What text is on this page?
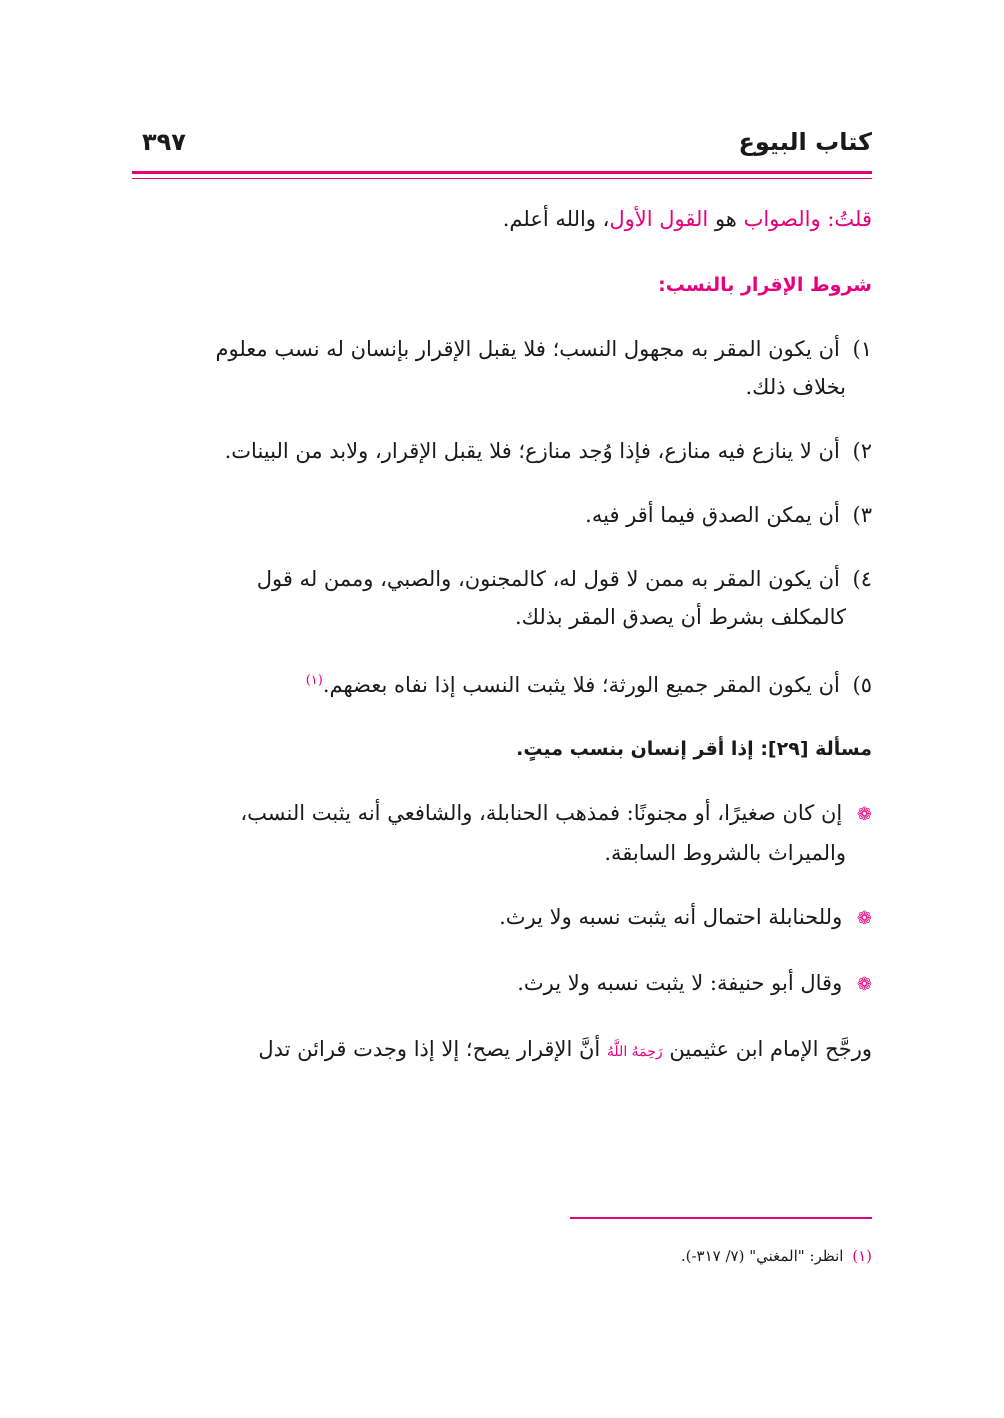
كتاب البيوع
٣٩٧

قلتُ: والصواب هو القول الأول، والله أعلم.

شروط الإقرار بالنسب:
١) أن يكون المقر به مجهول النسب؛ فلا يقبل الإقرار بإنسان له نسب معلوم
بخلاف ذلك.
٢) أن لا ينازع فيه منازع، فإذا وُجد منازع؛ فلا يقبل الإقرار، ولابد من البينات.
٣) أن يمكن الصدق فيما أقر فيه.
٤) أن يكون المقر به ممن لا قول له، كالمجنون، والصبي، وممن له قول
كالمكلف بشرط أن يصدق المقر بذلك.
٥) أن يكون المقر جميع الورثة؛ فلا يثبت النسب إذا نفاه بعضهم.$^{(١)}$
مسألة [٢٩]: إذا أقر إنسان بنسب ميتٍ.
❁ إن كان صغيرًا، أو مجنونًا: فمذهب الحنابلة، والشافعي أنه يثبت النسب،
والميراث بالشروط السابقة.
❁ وللحنابلة احتمال أنه يثبت نسبه ولا يرث.
❁ وقال أبو حنيفة: لا يثبت نسبه ولا يرث.

ورجَّح الإمام ابن عثيمين رَحِمَهُ اللَّهُ أنَّ الإقرار يصح؛ إلا إذا وجدت قرائن تدل

(١) انظر: "المغني" (٧/ ٣١٧-).
